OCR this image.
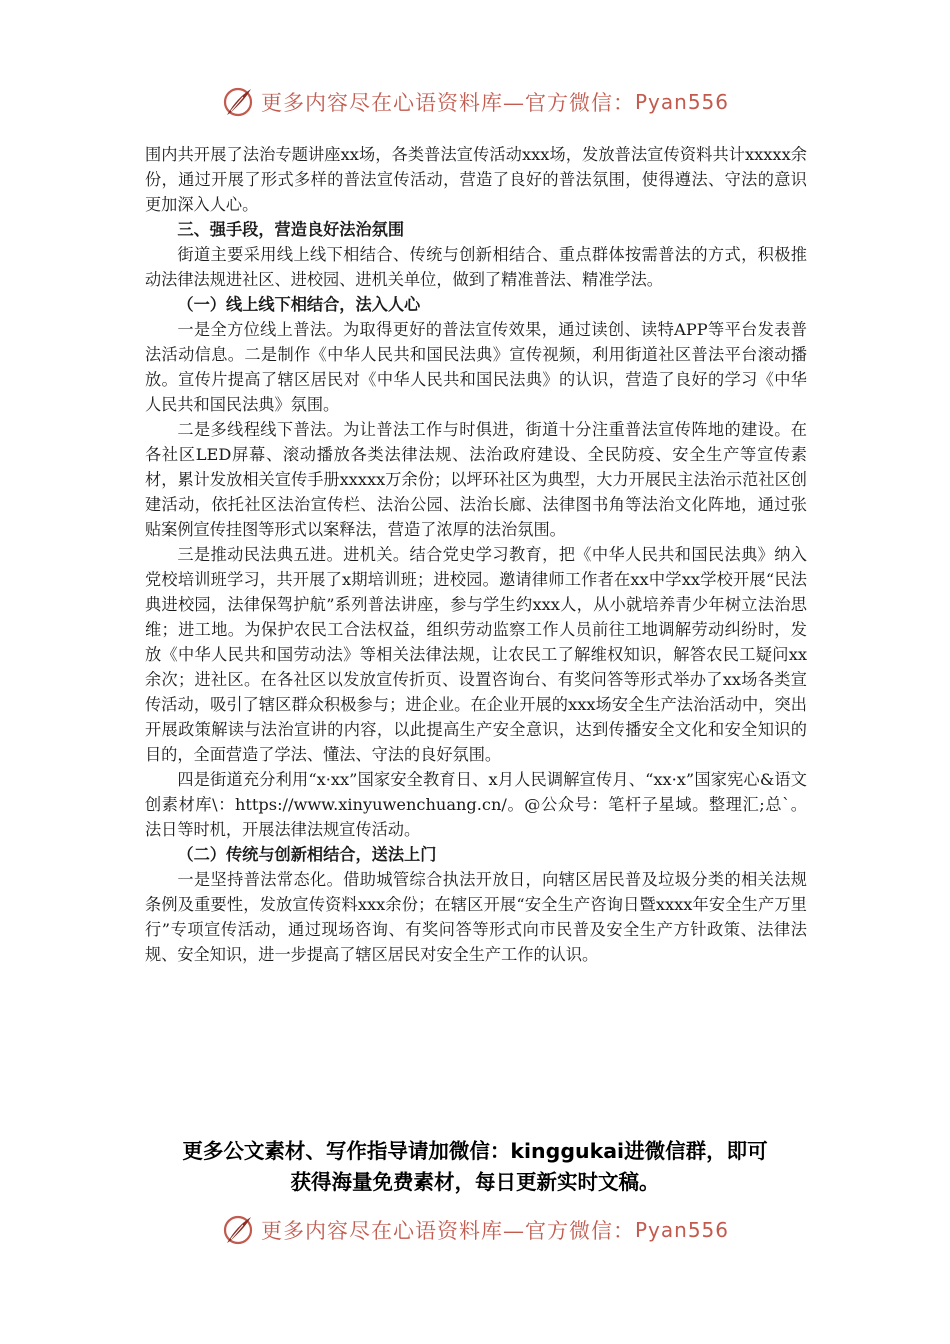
更多内容尽在心语资料库—官方微信： Pyan556

围内共开展了法治专题讲座xx场，各类普法宣传活动xxx场，发放普法宣传资料共计xxxxx余份，通过开展了形式多样的普法宣传活动，营造了良好的普法氛围，使得遵法、守法的意识更加深入人心。

三、强手段，营造良好法治氛围

街道主要采用线上线下相结合、传统与创新相结合、重点群体按需普法的方式，积极推动法律法规进社区、进校园、进机关单位，做到了精准普法、精准学法。

（一）线上线下相结合，法入人心

一是全方位线上普法。为取得更好的普法宣传效果，通过读创、读特APP等平台发表普法活动信息。二是制作《中华人民共和国民法典》宣传视频，利用街道社区普法平台滚动播放。宣传片提高了辖区居民对《中华人民共和国民法典》的认识，营造了良好的学习《中华人民共和国民法典》氛围。

二是多线程线下普法。为让普法工作与时俱进，街道十分注重普法宣传阵地的建设。在各社区LED屏幕、滚动播放各类法律法规、法治政府建设、全民防疫、安全生产等宣传素材，累计发放相关宣传手册xxxxx万余份；以坪环社区为典型，大力开展民主法治示范社区创建活动，依托社区法治宣传栏、法治公园、法治长廊、法律图书角等法治文化阵地，通过张贴案例宣传挂图等形式以案释法，营造了浓厚的法治氛围。

三是推动民法典五进。进机关。结合党史学习教育，把《中华人民共和国民法典》纳入党校培训班学习，共开展了x期培训班；进校园。邀请律师工作者在xx中学xx学校开展“民法典进校园，法律保驾护航”系列普法讲座，参与学生约xxx人，从小就培养青少年树立法治思维；进工地。为保护农民工合法权益，组织劳动监察工作人员前往工地调解劳动纠纷时，发放《中华人民共和国劳动法》等相关法律法规，让农民工了解维权知识，解答农民工疑问xx余次；进社区。在各社区以发放宣传折页、设置咨询台、有奖问答等形式举办了xx场各类宣传活动，吸引了辖区群众积极参与；进企业。在企业开展的xxx场安全生产法治活动中，突出开展政策解读与法治宣讲的内容，以此提高生产安全意识，达到传播安全文化和安全知识的目的，全面营造了学法、懂法、守法的良好氛围。

四是街道充分利用“x·xx”国家安全教育日、x月人民调解宣传月、“xx·x”国家宪心&语文创素材库\：https://www.xinyuwenchuang.cn/。@公众号：笔杆子星域。整理汇;总`。法日等时机，开展法律法规宣传活动。

（二）传统与创新相结合，送法上门

一是坚持普法常态化。借助城管综合执法开放日，向辖区居民普及垃圾分类的相关法规条例及重要性，发放宣传资料xxx余份；在辖区开展“安全生产咨询日暨xxxx年安全生产万里行”专项宣传活动，通过现场咨询、有奖问答等形式向市民普及安全生产方针政策、法律法规、安全知识，进一步提高了辖区居民对安全生产工作的认识。

更多公文素材、写作指导请加微信：kinggukai进微信群，即可
获得海量免费素材，每日更新实时文稿。
更多内容尽在心语资料库—官方微信： Pyan556
